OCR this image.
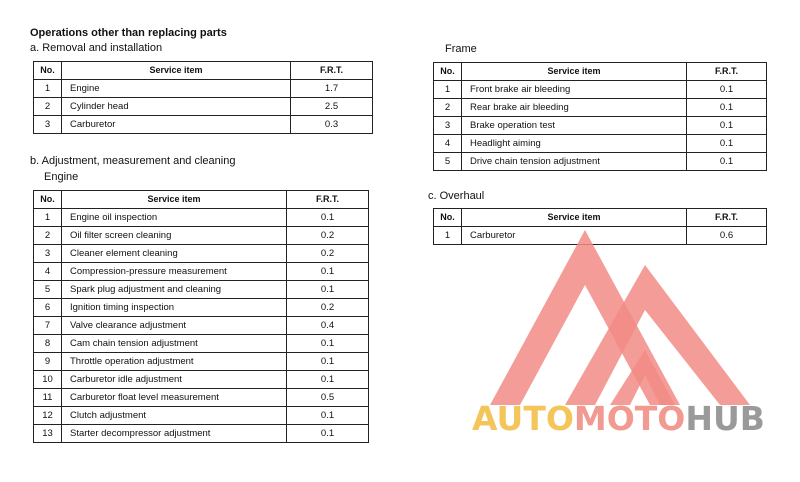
Operations other than replacing parts
a. Removal and installation
b. Adjustment, measurement and cleaning
Engine
Frame
c. Overhaul
No.	Service item	F.R.T.
1	Engine	1.7
2	Cylinder head	2.5
3	Carburetor	0.3
No.	Service item	F.R.T.
1	Engine oil inspection	0.1
2	Oil filter screen cleaning	0.2
3	Cleaner element cleaning	0.2
4	Compression-pressure measurement	0.1
5	Spark plug adjustment and cleaning	0.1
6	Ignition timing inspection	0.2
7	Valve clearance adjustment	0.4
8	Cam chain tension adjustment	0.1
9	Throttle operation adjustment	0.1
10	Carburetor idle adjustment	0.1
11	Carburetor float level measurement	0.5
12	Clutch adjustment	0.1
13	Starter decompressor adjustment	0.1
No.	Service item	F.R.T.
1	Front brake air bleeding	0.1
2	Rear brake air bleeding	0.1
3	Brake operation test	0.1
4	Headlight aiming	0.1
5	Drive chain tension adjustment	0.1
No.	Service item	F.R.T.
1	Carburetor	0.6
AUTOMOTOHUB
